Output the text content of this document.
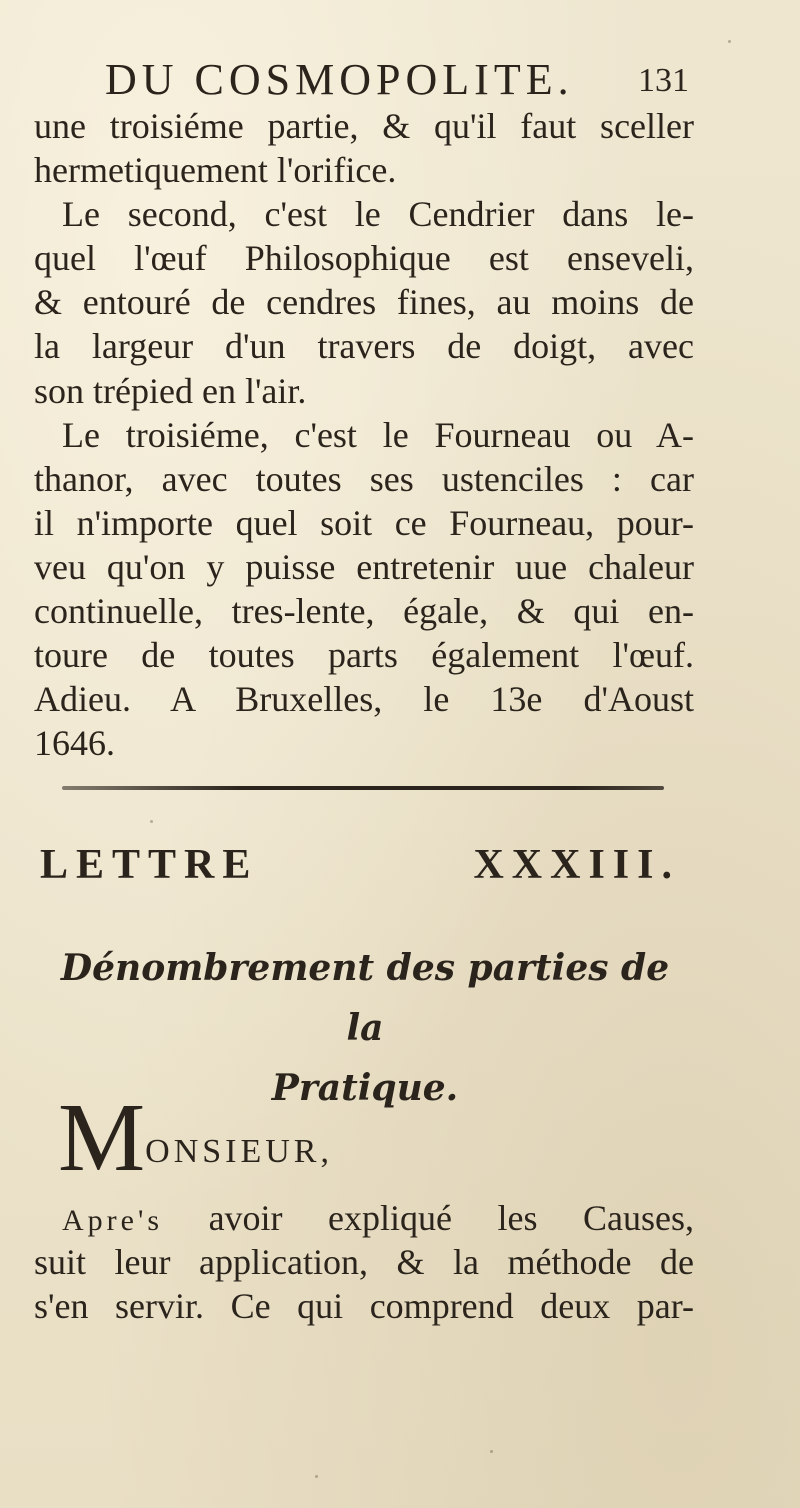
DU COSMOPOLITE.	131
une troisiéme partie, & qu'il faut sceller
hermetiquement l'orifice.
Le second, c'est le Cendrier dans le-
quel l'œuf Philosophique est enseveli,
& entouré de cendres fines, au moins de
la largeur d'un travers de doigt, avec
son trépied en l'air.
Le troisiéme, c'est le Fourneau ou A-
thanor, avec toutes ses ustenciles : car
il n'importe quel soit ce Fourneau, pour-
veu qu'on y puisse entretenir uue chaleur
continuelle, tres-lente, égale, & qui en-
toure de toutes parts également l'œuf.
Adieu. A Bruxelles, le 13e d'Aoust
1646.
LETTRE	XXXIII.
Dénombrement des parties de la
Pratique.
MONSIEUR,
Apre's avoir expliqué les Causes,
suit leur application, & la méthode de
s'en servir. Ce qui comprend deux par-
